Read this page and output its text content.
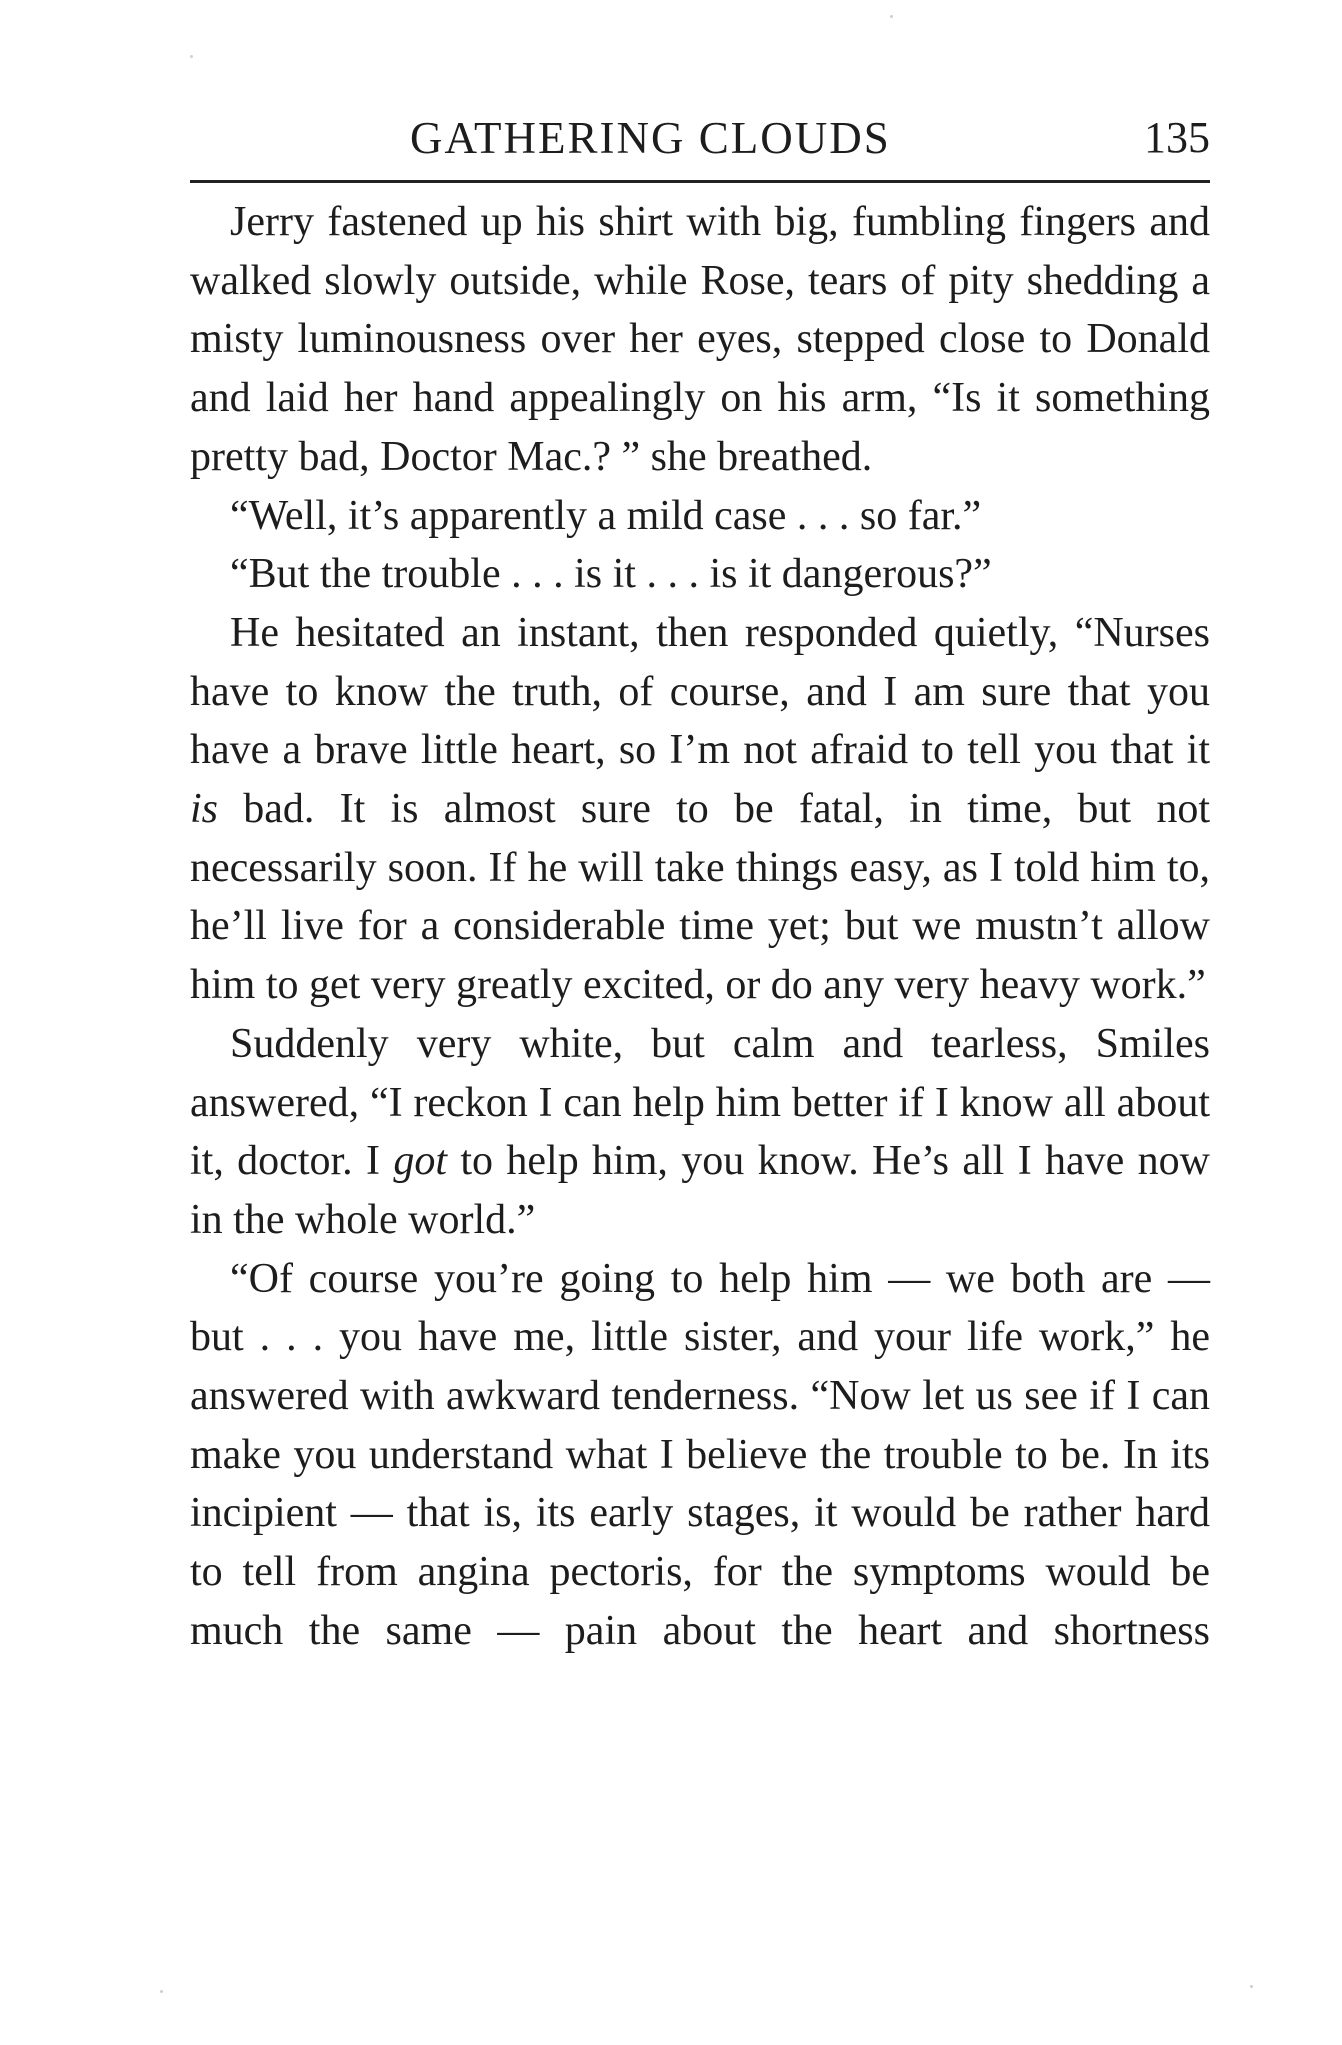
GATHERING CLOUDS	135

Jerry fastened up his shirt with big, fumbling fingers and walked slowly outside, while Rose, tears of pity shedding a misty luminousness over her eyes, stepped close to Donald and laid her hand appealingly on his arm, “Is it something pretty bad, Doctor Mac.? ” she breathed.

“Well, it’s apparently a mild case . . . so far.”

“But the trouble . . . is it . . . is it dangerous?”

He hesitated an instant, then responded quietly, “Nurses have to know the truth, of course, and I am sure that you have a brave little heart, so I’m not afraid to tell you that it is bad. It is almost sure to be fatal, in time, but not necessarily soon. If he will take things easy, as I told him to, he’ll live for a considerable time yet; but we mustn’t allow him to get very greatly excited, or do any very heavy work.”

Suddenly very white, but calm and tearless, Smiles answered, “I reckon I can help him better if I know all about it, doctor. I got to help him, you know. He’s all I have now in the whole world.”

“Of course you’re going to help him — we both are — but . . . you have me, little sister, and your life work,” he answered with awkward tenderness. “Now let us see if I can make you understand what I believe the trouble to be. In its incipient — that is, its early stages, it would be rather hard to tell from angina pectoris, for the symptoms would be much the same — pain about the heart and shortness
